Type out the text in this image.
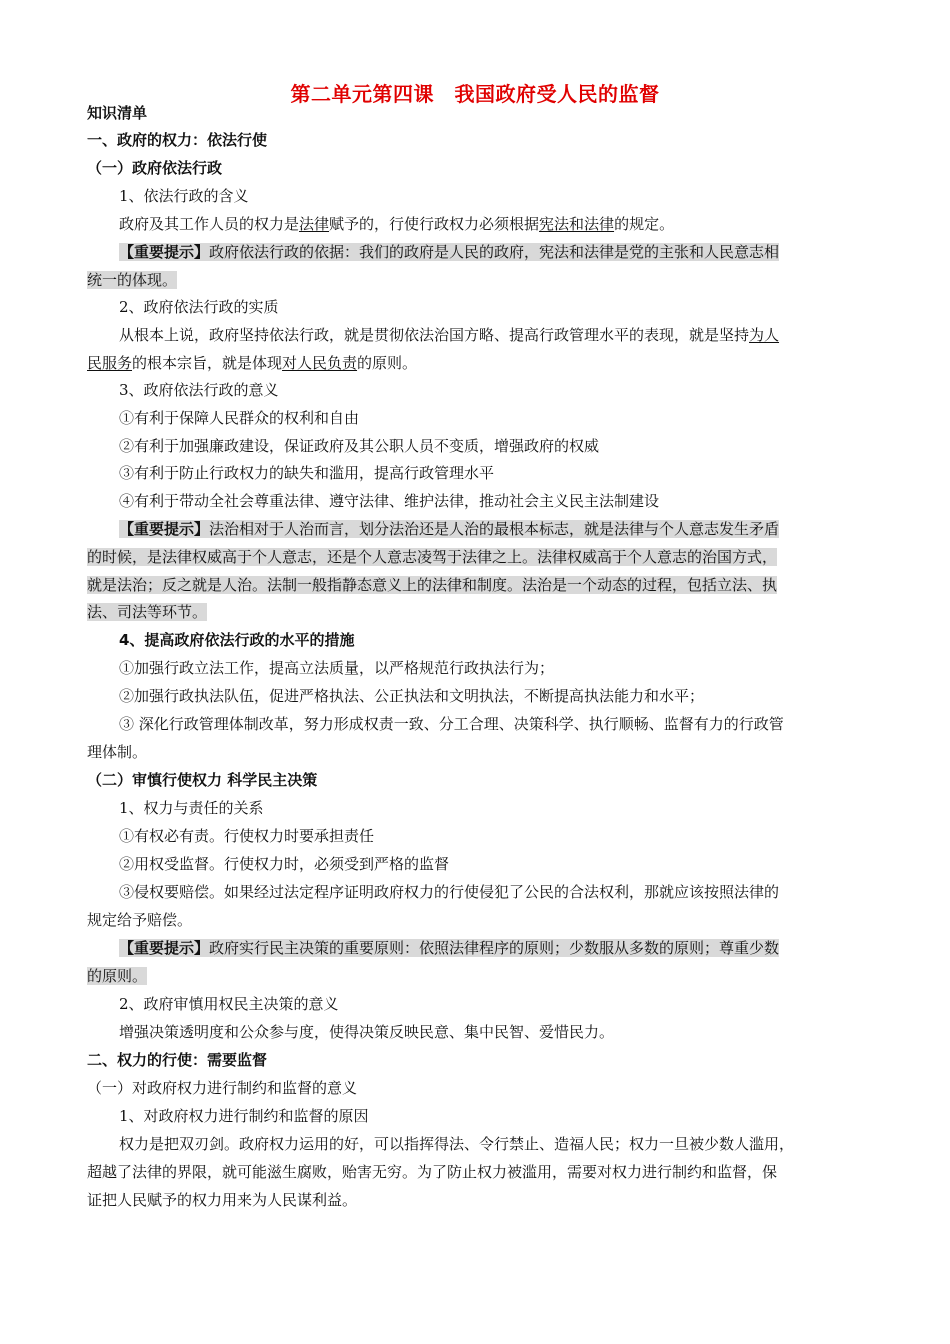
第二单元第四课　我国政府受人民的监督
知识清单
一、政府的权力：依法行使
（一）政府依法行政
1、依法行政的含义
政府及其工作人员的权力是法律赋予的，行使行政权力必须根据宪法和法律的规定。
【重要提示】政府依法行政的依据：我们的政府是人民的政府，宪法和法律是党的主张和人民意志相
统一的体现。
2、政府依法行政的实质
从根本上说，政府坚持依法行政，就是贯彻依法治国方略、提高行政管理水平的表现，就是坚持为人
民服务的根本宗旨，就是体现对人民负责的原则。
3、政府依法行政的意义
①有利于保障人民群众的权利和自由
②有利于加强廉政建设，保证政府及其公职人员不变质，增强政府的权威
③有利于防止行政权力的缺失和滥用，提高行政管理水平
④有利于带动全社会尊重法律、遵守法律、维护法律，推动社会主义民主法制建设
【重要提示】法治相对于人治而言，划分法治还是人治的最根本标志，就是法律与个人意志发生矛盾
的时候，是法律权威高于个人意志，还是个人意志凌驾于法律之上。法律权威高于个人意志的治国方式，
就是法治；反之就是人治。法制一般指静态意义上的法律和制度。法治是一个动态的过程，包括立法、执
法、司法等环节。
4、提高政府依法行政的水平的措施
①加强行政立法工作，提高立法质量，以严格规范行政执法行为；
②加强行政执法队伍，促进严格执法、公正执法和文明执法，不断提高执法能力和水平；
③ 深化行政管理体制改革，努力形成权责一致、分工合理、决策科学、执行顺畅、监督有力的行政管
理体制。
（二）审慎行使权力 科学民主决策
1、权力与责任的关系
①有权必有责。行使权力时要承担责任
②用权受监督。行使权力时，必须受到严格的监督
③侵权要赔偿。如果经过法定程序证明政府权力的行使侵犯了公民的合法权利，那就应该按照法律的
规定给予赔偿。
【重要提示】政府实行民主决策的重要原则：依照法律程序的原则；少数服从多数的原则；尊重少数
的原则。
2、政府审慎用权民主决策的意义
增强决策透明度和公众参与度，使得决策反映民意、集中民智、爱惜民力。
二、权力的行使：需要监督
（一）对政府权力进行制约和监督的意义
1、对政府权力进行制约和监督的原因
权力是把双刃剑。政府权力运用的好，可以指挥得法、令行禁止、造福人民；权力一旦被少数人滥用，
超越了法律的界限，就可能滋生腐败，贻害无穷。为了防止权力被滥用，需要对权力进行制约和监督，保
证把人民赋予的权力用来为人民谋利益。
